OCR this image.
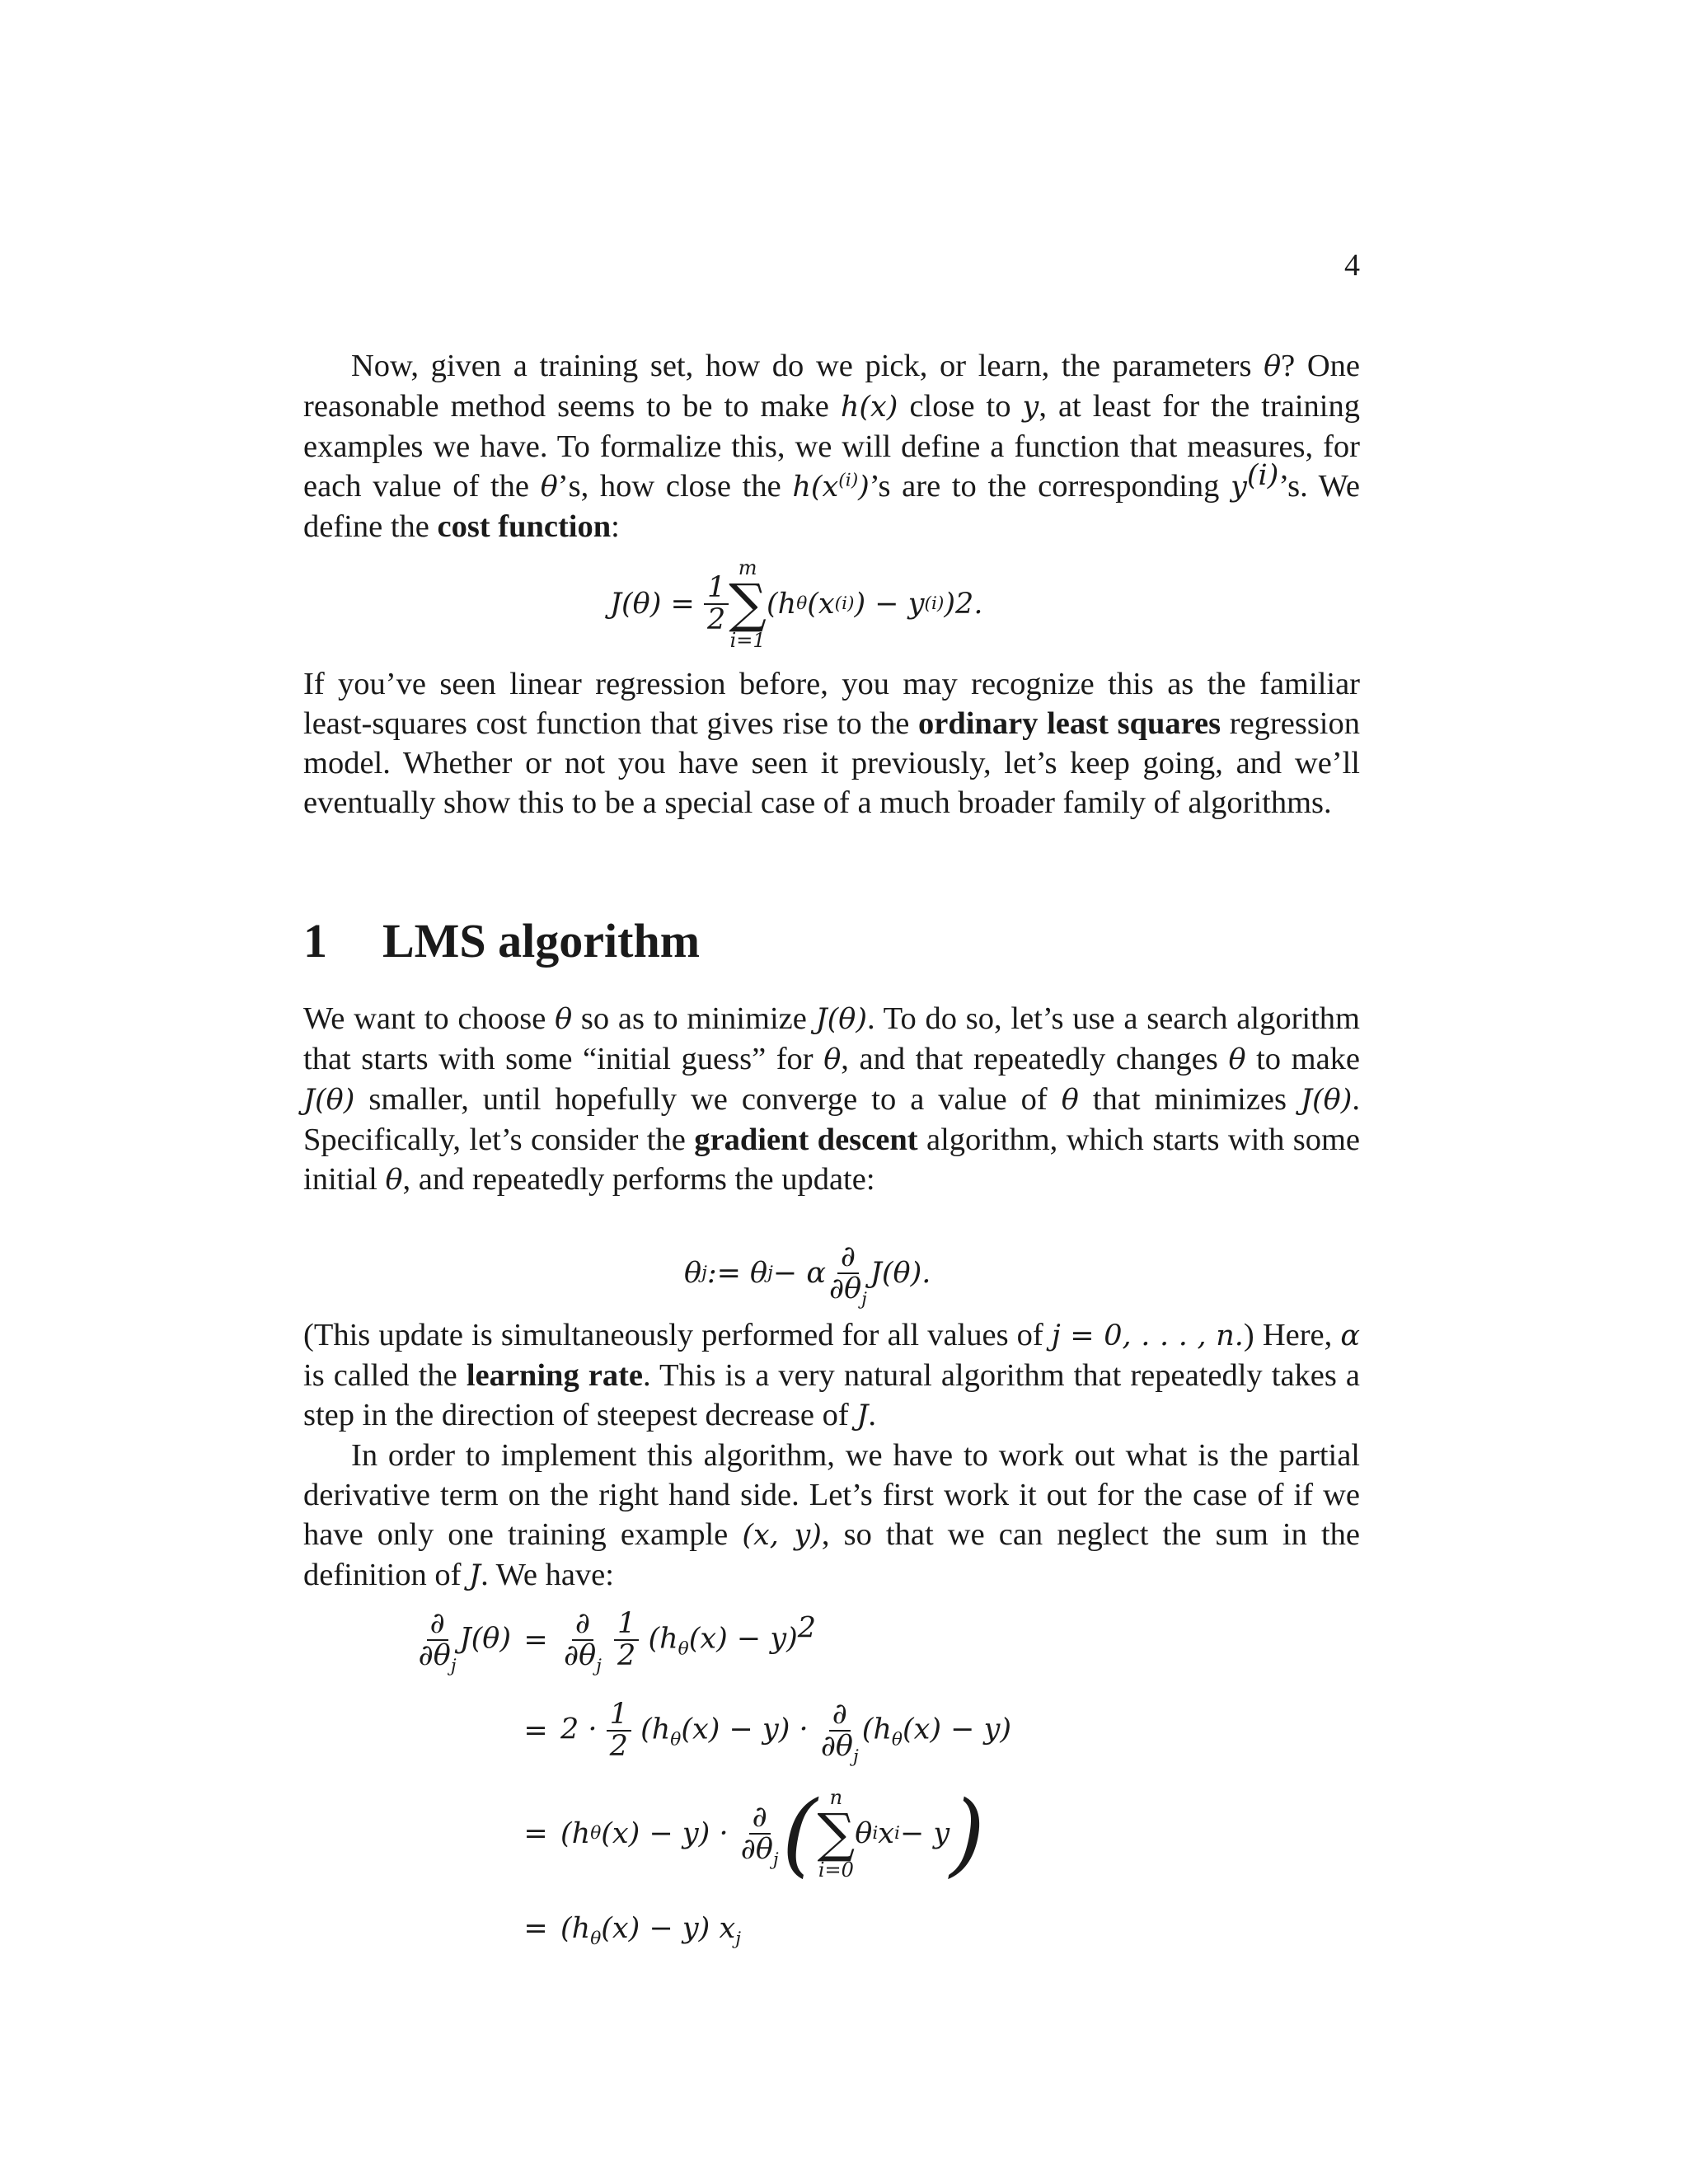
4

Now, given a training set, how do we pick, or learn, the parameters θ? One reasonable method seems to be to make h(x) close to y, at least for the training examples we have. To formalize this, we will define a function that measures, for each value of the θ’s, how close the $h(x^{(i)})’s$ are to the corresponding $y^{(i)}’s$. We define the cost function:

J(θ) =
$\frac{1}{2}$
m
∑
i=1
(h θ (x (i) ) − y (i) ) 2 .

If you’ve seen linear regression before, you may recognize this as the familiar least-squares cost function that gives rise to the ordinary least squares regression model. Whether or not you have seen it previously, let’s keep going, and we’ll eventually show this to be a special case of a much broader family of algorithms.

1 LMS algorithm

We want to choose θ so as to minimize J(θ). To do so, let’s use a search algorithm that starts with some “initial guess” for θ, and that repeatedly changes θ to make J(θ) smaller, until hopefully we converge to a value of θ that minimizes J(θ). Specifically, let’s consider the gradient descent algorithm, which starts with some initial θ, and repeatedly performs the update:

θ j := θ j − α $\frac{\partial}{\partial\theta_j} J(\theta)$.

(This update is simultaneously performed for all values of j = 0, . . . , n.) Here, α is called the learning rate. This is a very natural algorithm that repeatedly takes a step in the direction of steepest decrease of J.

In order to implement this algorithm, we have to work out what is the partial derivative term on the right hand side. Let’s first work it out for the case of if we have only one training example (x, y), so that we can neglect the sum in the definition of J. We have:

$\frac{\partial}{\partial\theta_j} J(\theta) = \frac{\partial}{\partial\theta_j}$
$\frac{1}{2} (h_\theta(x) - y)^2$
= $2 \cdot \frac{1}{2} (h_\theta(x) - y) \cdot \frac{\partial}{\partial\theta_j} (h_\theta(x) - y)$
= (h θ (x) − y) ·
$\frac{\partial}{\partial\theta_j}$ ( n
∑
i=0
θ i x i − y )
= $(h_\theta(x) - y)$ $x_j$
